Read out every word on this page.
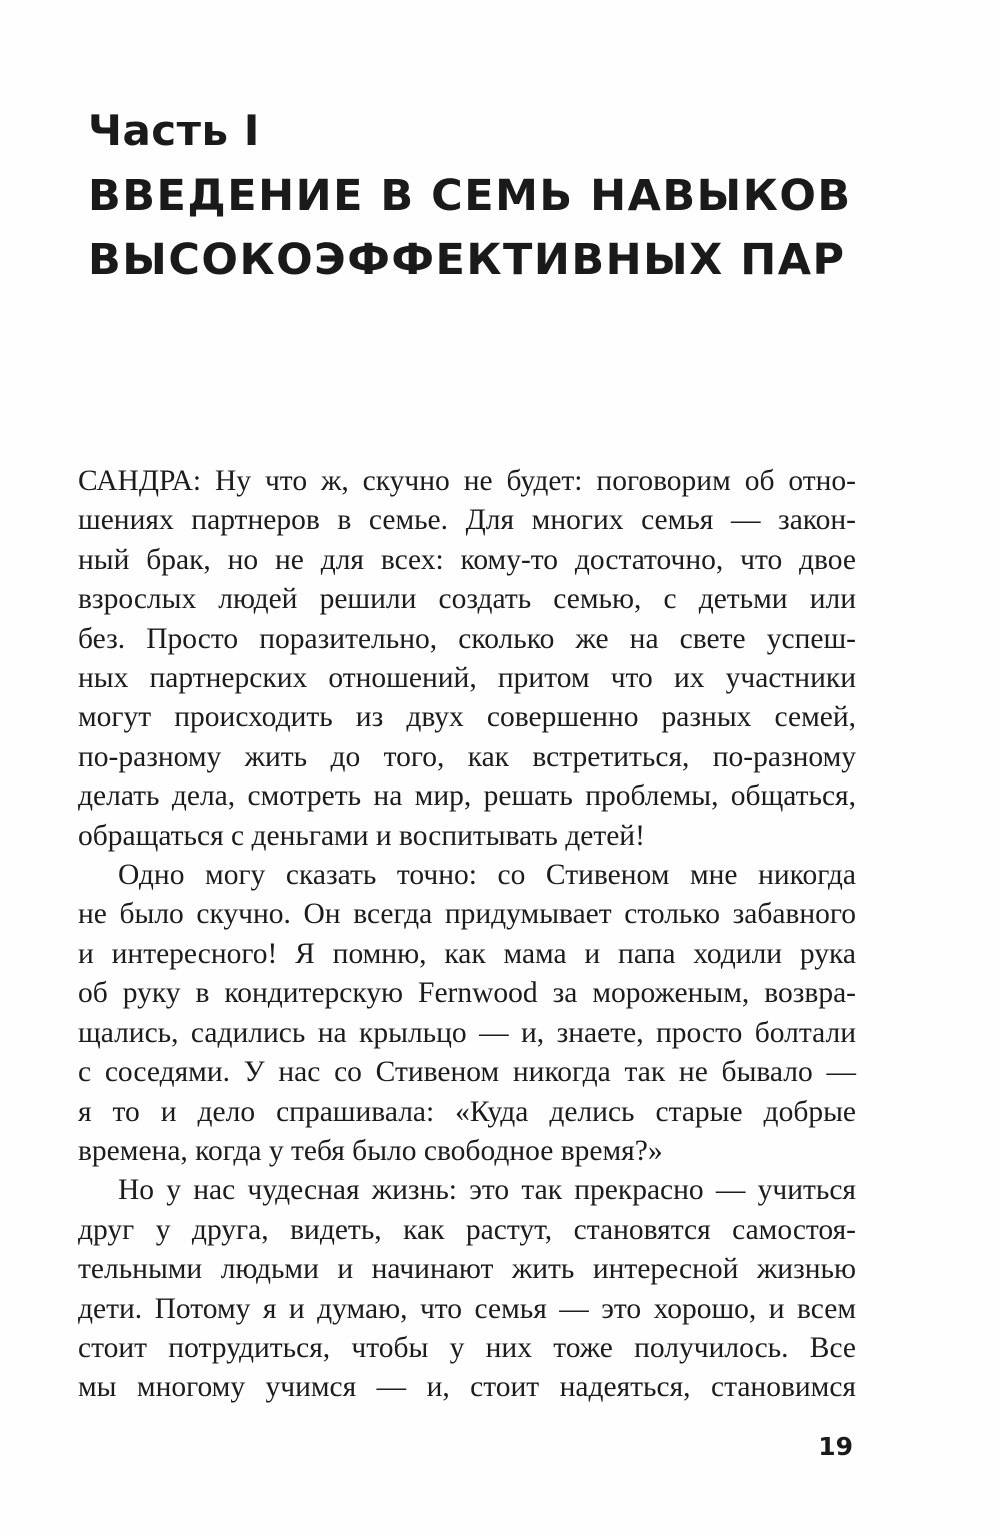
Часть I
ВВЕДЕНИЕ В СЕМЬ НАВЫКОВ
ВЫСОКОЭФФЕКТИВНЫХ ПАР

САНДРА: Ну что ж, скучно не будет: поговорим об отно-
шениях партнеров в семье. Для многих семья — закон-
ный брак, но не для всех: кому-то достаточно, что двое
взрослых людей решили создать семью, с детьми или
без. Просто поразительно, сколько же на свете успеш-
ных партнерских отношений, притом что их участники
могут происходить из двух совершенно разных семей,
по-разному жить до того, как встретиться, по-разному
делать дела, смотреть на мир, решать проблемы, общаться,
обращаться с деньгами и воспитывать детей!

Одно могу сказать точно: со Стивеном мне никогда
не было скучно. Он всегда придумывает столько забавного
и интересного! Я помню, как мама и папа ходили рука
об руку в кондитерскую Fernwood за мороженым, возвра-
щались, садились на крыльцо — и, знаете, просто болтали
с соседями. У нас со Стивеном никогда так не бывало —
я то и дело спрашивала: «Куда делись старые добрые
времена, когда у тебя было свободное время?»

Но у нас чудесная жизнь: это так прекрасно — учиться
друг у друга, видеть, как растут, становятся самостоя-
тельными людьми и начинают жить интересной жизнью
дети. Потому я и думаю, что семья — это хорошо, и всем
стоит потрудиться, чтобы у них тоже получилось. Все
мы многому учимся — и, стоит надеяться, становимся

19
